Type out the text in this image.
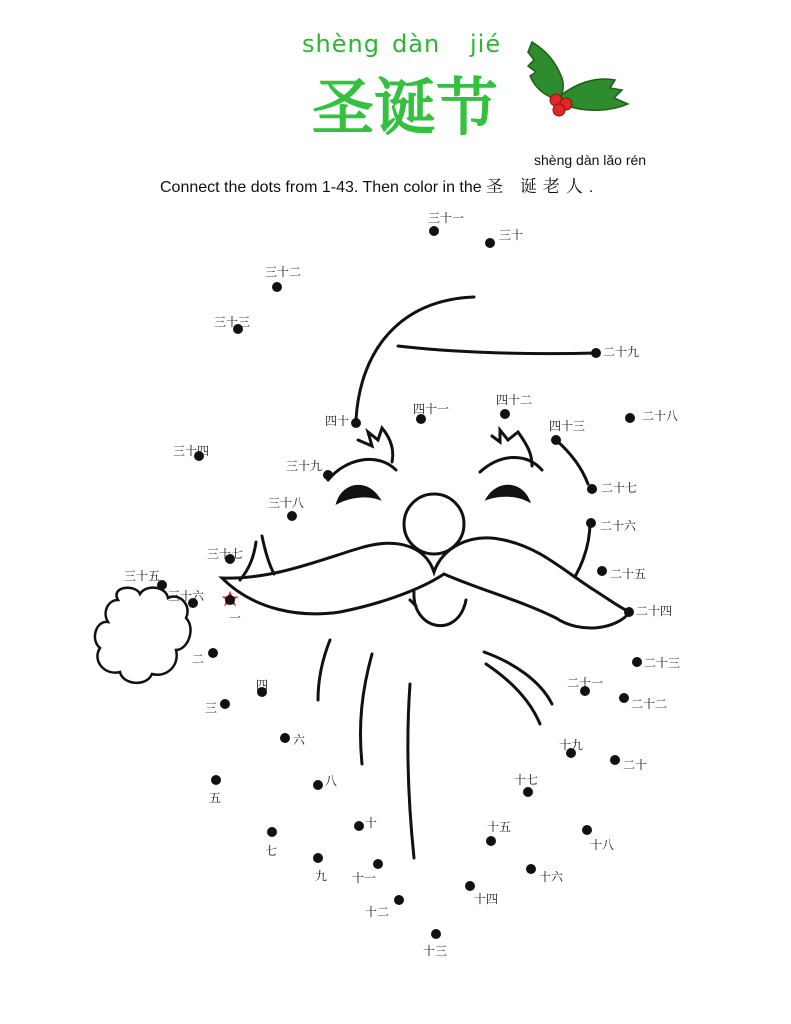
shèng dàn jié
圣诞节
shèng dàn lǎo rén
Connect the dots from 1-43. Then color in the 圣 诞老人.
一
二
三
四
五
六
七
八
九
十
十一
十二
十三
十四
十五
十六
十七
十八
十九
二十
二十一
二十二
二十三
二十四
二十五
二十六
二十七
二十八
二十九
三十
三十一
三十二
三十三
三十四
三十五
三十六
三十七
三十八
三十九
四十
四十一
四十二
四十三
